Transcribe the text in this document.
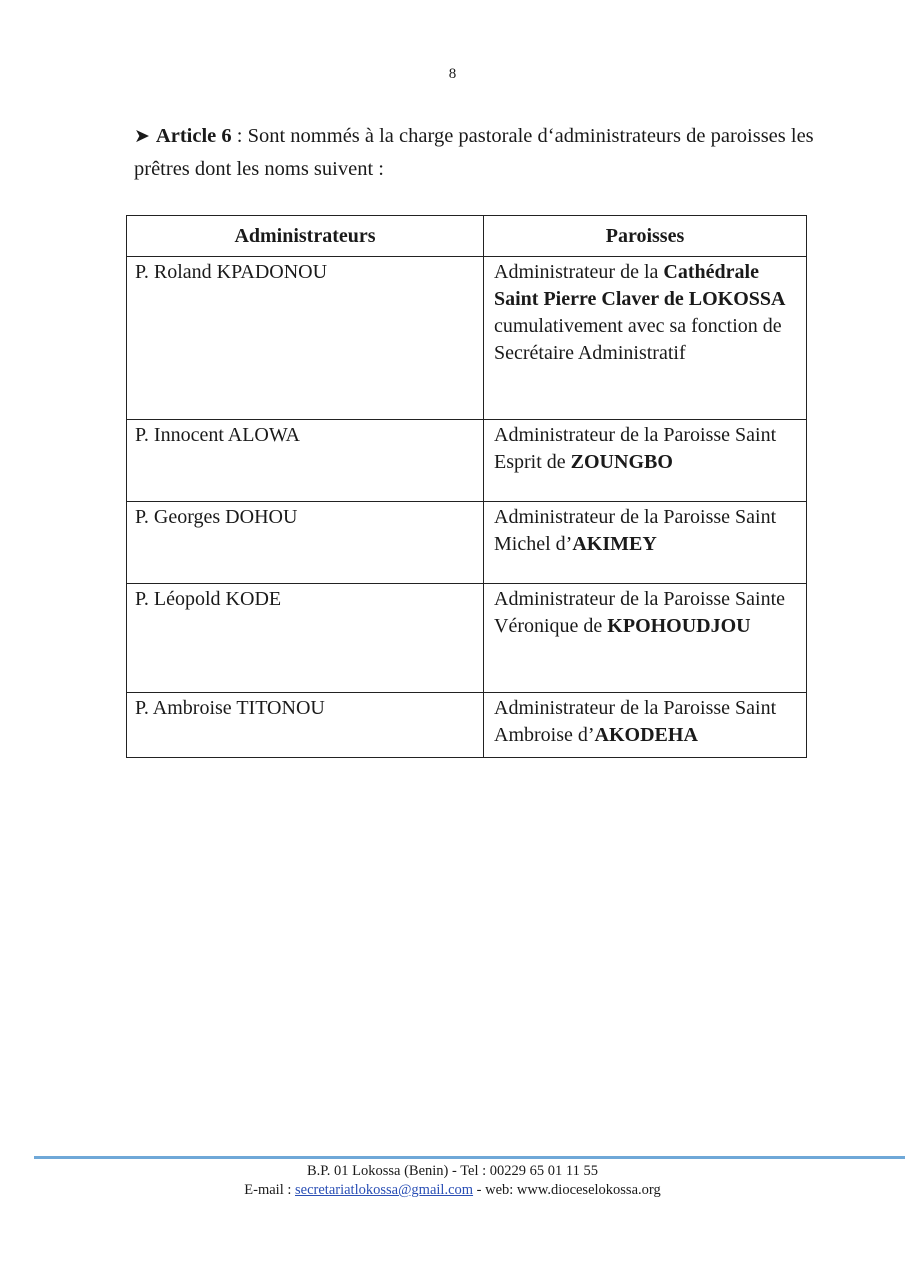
8
➤ Article 6 : Sont nommés à la charge pastorale d‘administrateurs de paroisses les prêtres dont les noms suivent :
Administrateurs	Paroisses
P. Roland KPADONOU	Administrateur de la Cathédrale Saint Pierre Claver de LOKOSSA cumulativement avec sa fonction de Secrétaire Administratif
P. Innocent ALOWA	Administrateur de la Paroisse Saint Esprit de ZOUNGBO
P. Georges DOHOU	Administrateur de la Paroisse Saint Michel d’AKIMEY
P. Léopold KODE	Administrateur de la Paroisse Sainte Véronique de KPOHOUDJOU
P. Ambroise TITONOU	Administrateur de la Paroisse Saint Ambroise d’AKODEHA
B.P. 01 Lokossa (Benin) - Tel : 00229 65 01 11 55
E-mail : secretariatlokossa@gmail.com - web: www.dioceselokossa.org
